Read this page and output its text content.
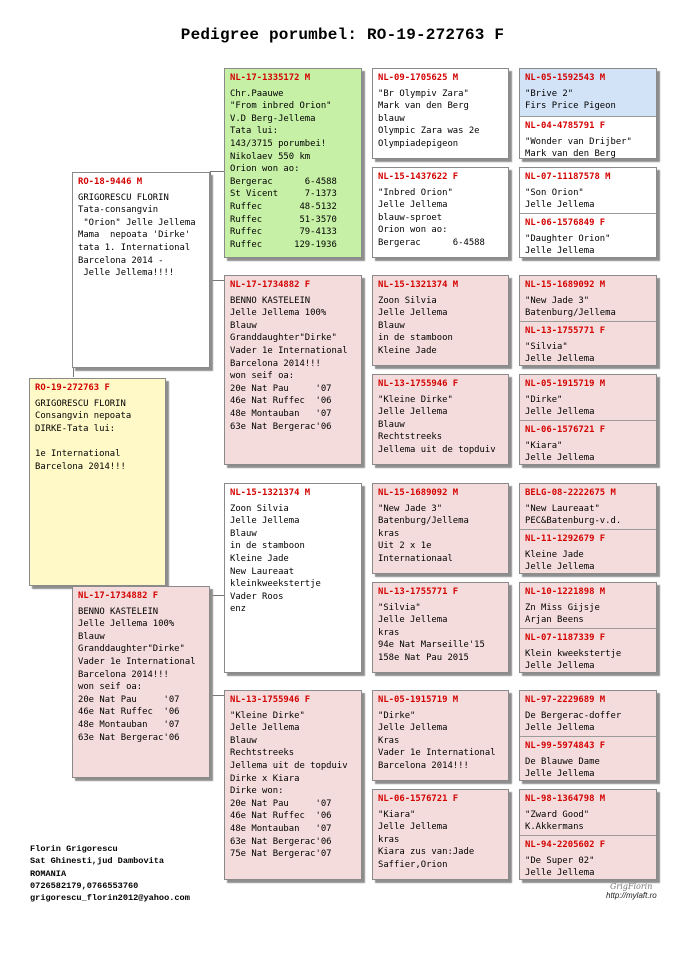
Pedigree porumbel: RO-19-272763 F
RO-19-272763 F
GRIGORESCU FLORIN
Consangvin nepoata
DIRKE-Tata lui:

1e International
Barcelona 2014!!!
RO-18-9446 M
GRIGORESCU FLORIN
Tata-consangvin
"Orion" Jelle Jellema
Mama  nepoata 'Dirke'
tata 1. International
Barcelona 2014 -
Jelle Jellema!!!!
NL-17-1734882 F
BENNO KASTELEIN
Jelle Jellema 100%
Blauw
Granddaughter"Dirke"
Vader 1e International
Barcelona 2014!!!
won seif oa:
20e Nat Pau     '07
46e Nat Ruffec  '06
48e Montauban   '07
63e Nat Bergerac'06
NL-17-1335172 M
Chr.Paauwe
"From inbred Orion"
V.D Berg-Jellema
Tata lui:
143/3715 porumbei!
Nikolaev 550 km
Orion won ao:
Bergerac      6-4588
St Vicent     7-1373
Ruffec       48-5132
Ruffec       51-3570
Ruffec       79-4133
Ruffec      129-1936
NL-17-1734882 F
BENNO KASTELEIN
Jelle Jellema 100%
Blauw
Granddaughter"Dirke"
Vader 1e International
Barcelona 2014!!!
won seif oa:
20e Nat Pau     '07
46e Nat Ruffec  '06
48e Montauban   '07
63e Nat Bergerac'06
NL-15-1321374 M
Zoon Silvia
Jelle Jellema
Blauw
in de stamboon
Kleine Jade
New Laureaat
kleinkweekstertje
Vader Roos
enz
NL-13-1755946 F
"Kleine Dirke"
Jelle Jellema
Blauw
Rechtstreeks
Jellema uit de topduiv
Dirke x Kiara
Dirke won:
20e Nat Pau     '07
46e Nat Ruffec  '06
48e Montauban   '07
63e Nat Bergerac'06
75e Nat Bergerac'07
NL-09-1705625 M
"Br Olympiv Zara"
Mark van den Berg
blauw
Olympic Zara was 2e
Olympiadepigeon
NL-15-1437622 F
"Inbred Orion"
Jelle Jellema
blauw-sproet
Orion won ao:
Bergerac      6-4588
NL-15-1321374 M
Zoon Silvia
Jelle Jellema
Blauw
in de stamboon
Kleine Jade
NL-13-1755946 F
"Kleine Dirke"
Jelle Jellema
Blauw
Rechtstreeks
Jellema uit de topduiv
NL-15-1689092 M
"New Jade 3"
Batenburg/Jellema
kras
Uit 2 x 1e
Internationaal
NL-13-1755771 F
"Silvia"
Jelle Jellema
kras
94e Nat Marseille'15
158e Nat Pau 2015
NL-05-1915719 M
"Dirke"
Jelle Jellema
Kras
Vader 1e International
Barcelona 2014!!!
NL-06-1576721 F
"Kiara"
Jelle Jellema
kras
Kiara zus van:Jade
Saffier,Orion
NL-05-1592543 M
"Brive 2"
Firs Price Pigeon
NL-04-4785791 F
"Wonder van Drijber"
Mark van den Berg
NL-07-11187578 M
"Son Orion"
Jelle Jellema
NL-06-1576849 F
"Daughter Orion"
Jelle Jellema
NL-15-1689092 M
"New Jade 3"
Batenburg/Jellema
NL-13-1755771 F
"Silvia"
Jelle Jellema
NL-05-1915719 M
"Dirke"
Jelle Jellema
NL-06-1576721 F
"Kiara"
Jelle Jellema
BELG-08-2222675 M
"New Laureaat"
PEC&Batenburg-v.d.
NL-11-1292679 F
Kleine Jade
Jelle Jellema
NL-10-1221898 M
Zn Miss Gijsje
Arjan Beens
NL-07-1187339 F
Klein kweekstertje
Jelle Jellema
NL-97-2229689 M
De Bergerac-doffer
Jelle Jellema
NL-99-5974843 F
De Blauwe Dame
Jelle Jellema
NL-98-1364798 M
"Zward Good"
K.Akkermans
NL-94-2205602 F
"De Super 02"
Jelle Jellema
Florin Grigorescu
Sat Ghinesti,jud Dambovita
ROMANIA
0726582179,0766553760
grigorescu_florin2012@yahoo.com
GrigFlorin
http://mylaft.ro
